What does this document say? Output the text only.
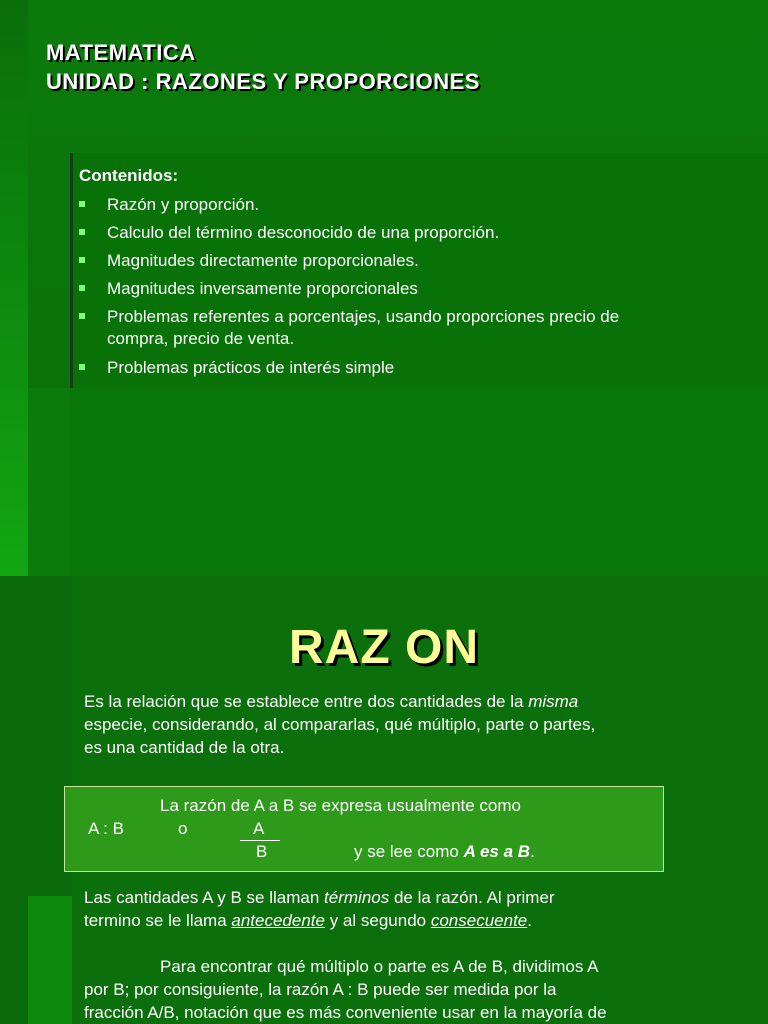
MATEMATICA
UNIDAD : RAZONES Y PROPORCIONES
Contenidos:
Razón y proporción.
Calculo del término desconocido de una proporción.
Magnitudes directamente proporcionales.
Magnitudes inversamente proporcionales
Problemas referentes a porcentajes, usando proporciones precio de
compra, precio de venta.
Problemas prácticos de interés simple
RAZ ON
Es la relación que se establece entre dos cantidades de la misma
especie, considerando, al compararlas, qué múltiplo, parte o partes,
es una cantidad de la otra.
La razón de A a B se expresa usualmente como
A : B	o	A
B	y se lee como A es a B.
Las cantidades A y B se llaman términos de la razón. Al primer
termino se le llama antecedente y al segundo consecuente.
Para encontrar qué múltiplo o parte es A de B, dividimos A
por B; por consiguiente, la razón A : B puede ser medida por la
fracción A/B, notación que es más conveniente usar en la mayoría de
